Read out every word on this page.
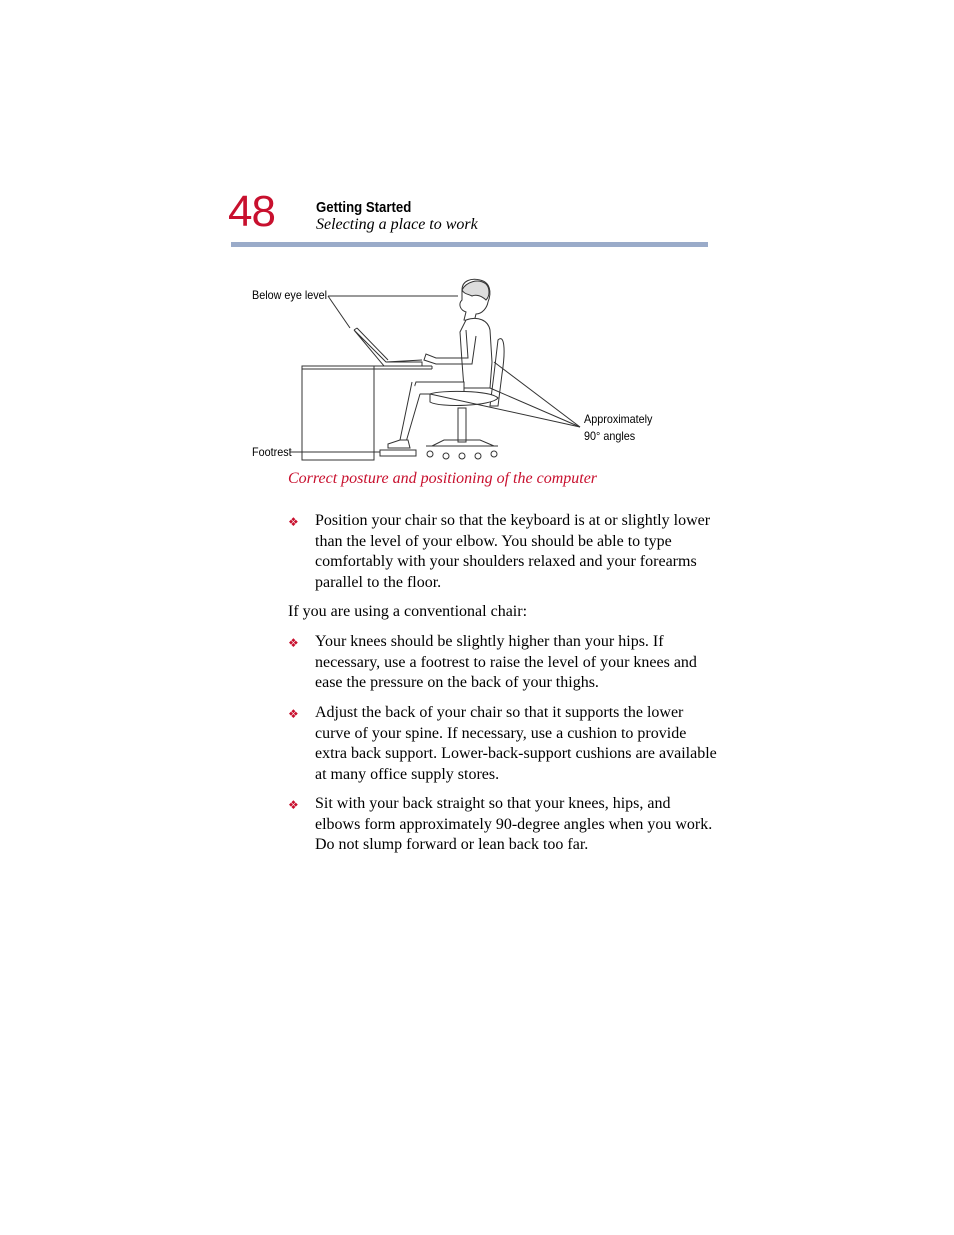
48	Getting Started
Selecting a place to work
Below eye level
Footrest
Approximately
90° angles
Correct posture and positioning of the computer
❖ Position your chair so that the keyboard is at or slightly lower than the level of your elbow. You should be able to type comfortably with your shoulders relaxed and your forearms parallel to the floor.
If you are using a conventional chair:
❖ Your knees should be slightly higher than your hips. If necessary, use a footrest to raise the level of your knees and ease the pressure on the back of your thighs.
❖ Adjust the back of your chair so that it supports the lower curve of your spine. If necessary, use a cushion to provide extra back support. Lower-back-support cushions are available at many office supply stores.
❖ Sit with your back straight so that your knees, hips, and elbows form approximately 90-degree angles when you work. Do not slump forward or lean back too far.
